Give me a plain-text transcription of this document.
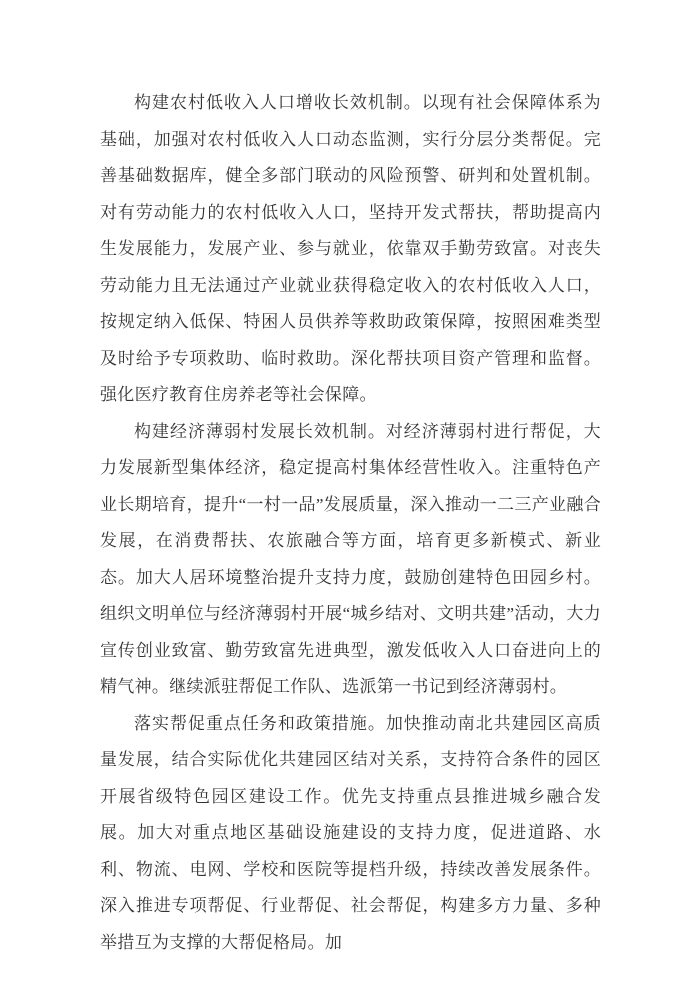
构建农村低收入人口增收长效机制。以现有社会保障体系为基础，加强对农村低收入人口动态监测，实行分层分类帮促。完善基础数据库，健全多部门联动的风险预警、研判和处置机制。对有劳动能力的农村低收入人口，坚持开发式帮扶，帮助提高内生发展能力，发展产业、参与就业，依靠双手勤劳致富。对丧失劳动能力且无法通过产业就业获得稳定收入的农村低收入人口，按规定纳入低保、特困人员供养等救助政策保障，按照困难类型及时给予专项救助、临时救助。深化帮扶项目资产管理和监督。强化医疗教育住房养老等社会保障。

构建经济薄弱村发展长效机制。对经济薄弱村进行帮促，大力发展新型集体经济，稳定提高村集体经营性收入。注重特色产业长期培育，提升“一村一品”发展质量，深入推动一二三产业融合发展，在消费帮扶、农旅融合等方面，培育更多新模式、新业态。加大人居环境整治提升支持力度，鼓励创建特色田园乡村。组织文明单位与经济薄弱村开展“城乡结对、文明共建”活动，大力宣传创业致富、勤劳致富先进典型，激发低收入人口奋进向上的精气神。继续派驻帮促工作队、选派第一书记到经济薄弱村。

落实帮促重点任务和政策措施。加快推动南北共建园区高质量发展，结合实际优化共建园区结对关系，支持符合条件的园区开展省级特色园区建设工作。优先支持重点县推进城乡融合发展。加大对重点地区基础设施建设的支持力度，促进道路、水利、物流、电网、学校和医院等提档升级，持续改善发展条件。深入推进专项帮促、行业帮促、社会帮促，构建多方力量、多种举措互为支撑的大帮促格局。加
